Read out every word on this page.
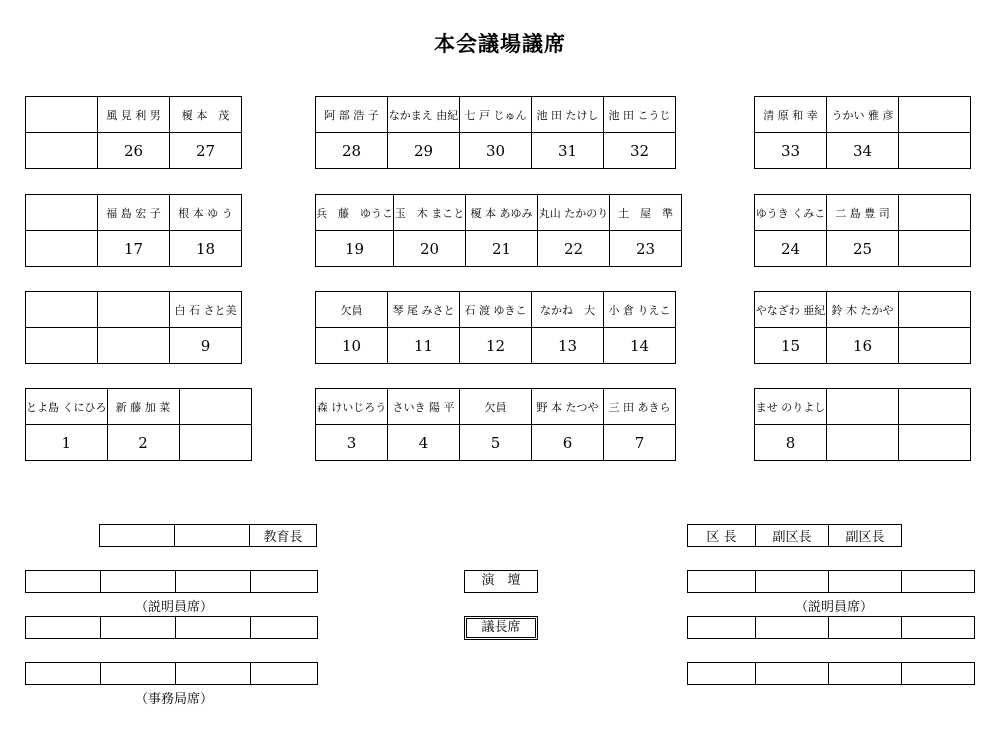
本会議場議席
	風 見 利 男	榎 本　茂
	26	27
阿 部 浩 子	なかまえ 由紀	七 戸 じゅん	池 田 たけし	池 田 こうじ
28	29	30	31	32
清 原 和 幸	うかい 雅 彦	
33	34	
	福 島 宏 子	根 本 ゆ う
	17	18
兵　藤　ゆうこ	玉　木 まこと	榎 本 あゆみ	丸山 たかのり	土　屋　準
19	20	21	22	23
ゆうき くみこ	二 島 豊 司	
24	25	
		白 石 さと美
		9
欠員	琴 尾 みさと	石 渡 ゆきこ	なかね　大	小 倉 りえこ
10	11	12	13	14
やなざわ 亜紀	鈴 木 たかや	
15	16	
とよ島 くにひろ	新 藤 加 菜	
1	2	
森 けいじろう	さいき 陽 平	欠員	野 本 たつや	三 田 あきら
3	4	5	6	7
ませ のりよし		
8		
		教育長	区 長	副区長	副区長

（説明員席）

（事務局席）

（説明員席）

演　壇
議長席
